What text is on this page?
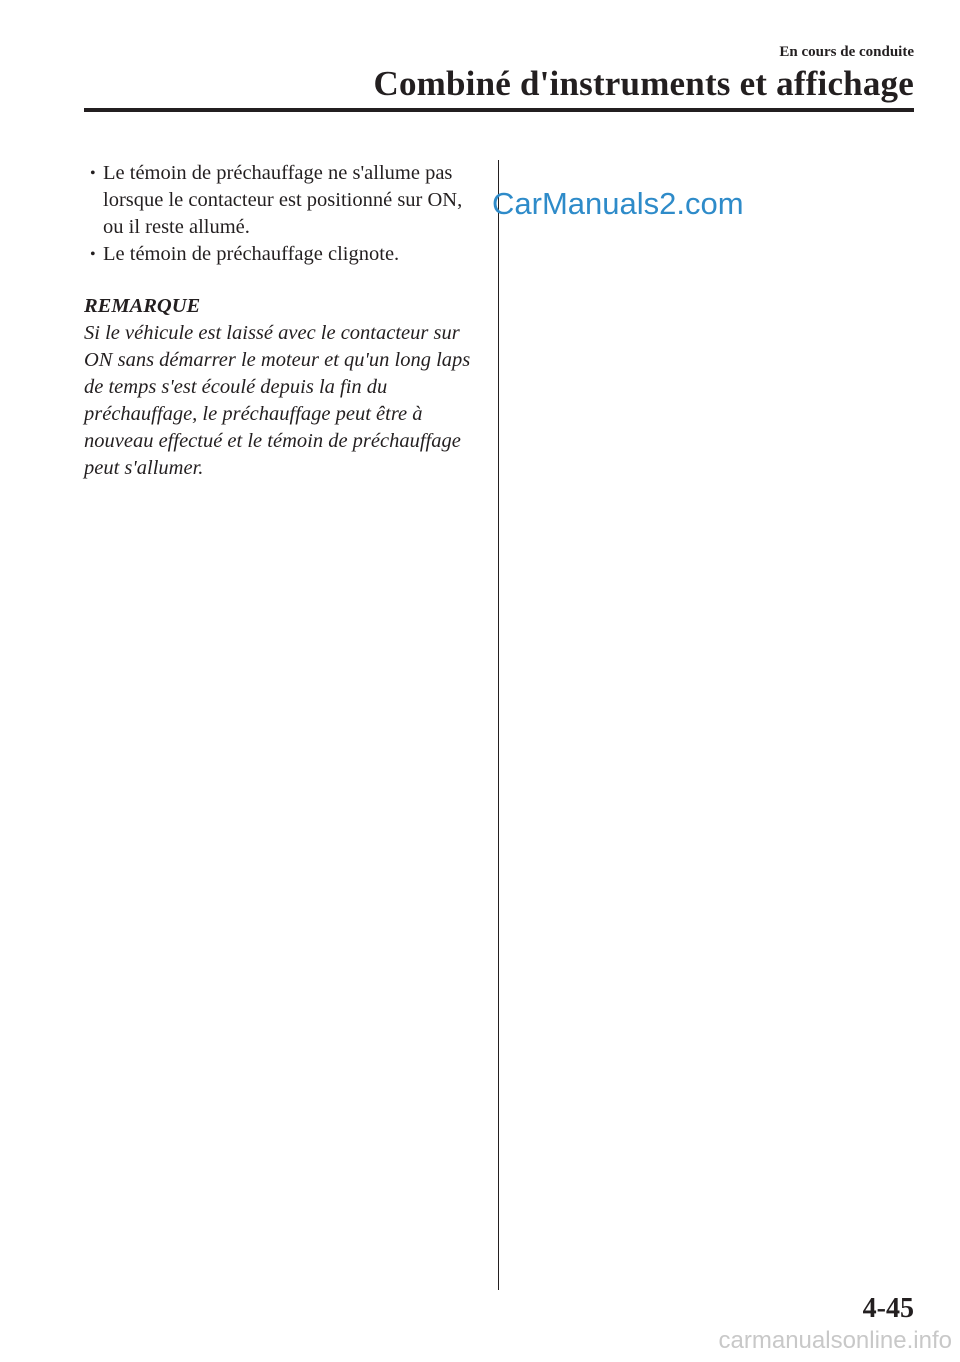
En cours de conduite
Combiné d'instruments et affichage
• Le témoin de préchauffage ne s'allume pas lorsque le contacteur est positionné sur ON, ou il reste allumé.
• Le témoin de préchauffage clignote.
REMARQUE

Si le véhicule est laissé avec le contacteur sur ON sans démarrer le moteur et qu'un long laps de temps s'est écoulé depuis la fin du préchauffage, le préchauffage peut être à nouveau effectué et le témoin de préchauffage peut s'allumer.

CarManuals2.com
4-45
carmanualsonline.info
